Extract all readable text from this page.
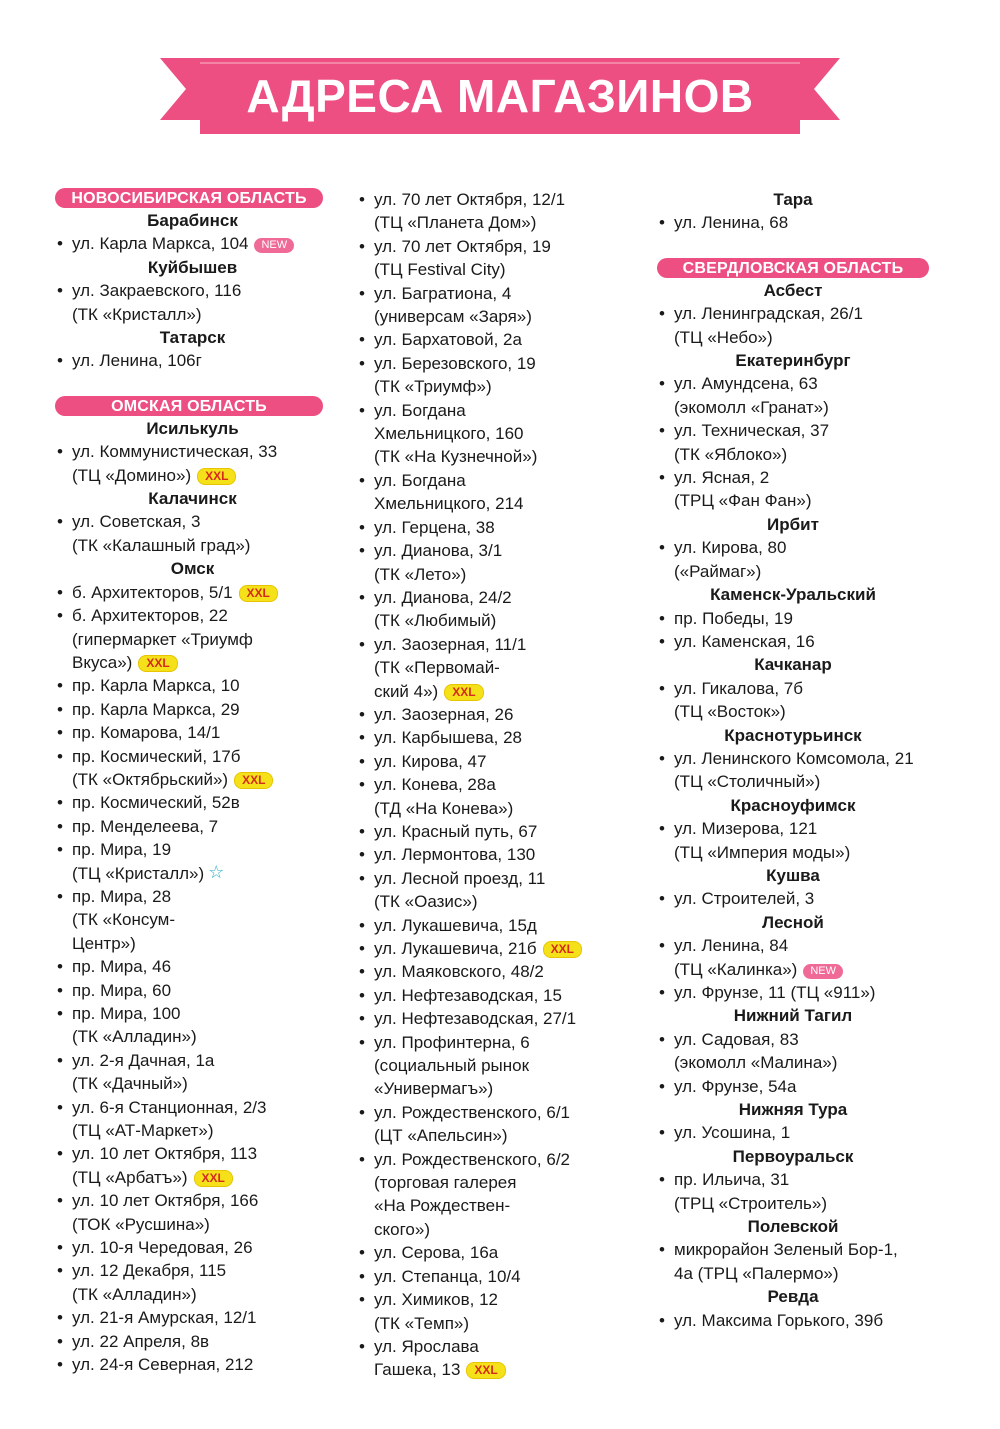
АДРЕСА МАГАЗИНОВ
НОВОСИБИРСКАЯ ОБЛАСТЬ
Барабинск
• ул. Карла Маркса, 104 NEW
Куйбышев
• ул. Закраевского, 116
(ТК «Кристалл»)
Татарск
• ул. Ленина, 106г
ОМСКАЯ ОБЛАСТЬ
Исилькуль
• ул. Коммунистическая, 33
(ТЦ «Домино») XXL
Калачинск
• ул. Советская, 3
(ТК «Калашный град»)
Омск
• б. Архитекторов, 5/1 XXL
• б. Архитекторов, 22
(гипермаркет «Триумф
Вкуса») XXL
• пр. Карла Маркса, 10
• пр. Карла Маркса, 29
• пр. Комарова, 14/1
• пр. Космический, 17б
(ТК «Октябрьский») XXL
• пр. Космический, 52в
• пр. Менделеева, 7
• пр. Мира, 19
(ТЦ «Кристалл») ☆
• пр. Мира, 28
(ТК «Консум-
Центр»)
• пр. Мира, 46
• пр. Мира, 60
• пр. Мира, 100
(ТК «Алладин»)
• ул. 2-я Дачная, 1а
(ТК «Дачный»)
• ул. 6-я Станционная, 2/3
(ТЦ «АТ-Маркет»)
• ул. 10 лет Октября, 113
(ТЦ «Арбатъ») XXL
• ул. 10 лет Октября, 166
(ТОК «Русшина»)
• ул. 10-я Чередовая, 26
• ул. 12 Декабря, 115
(ТК «Алладин»)
• ул. 21-я Амурская, 12/1
• ул. 22 Апреля, 8в
• ул. 24-я Северная, 212
• ул. 70 лет Октября, 12/1
(ТЦ «Планета Дом»)
• ул. 70 лет Октября, 19
(ТЦ Festival City)
• ул. Багратиона, 4
(универсам «Заря»)
• ул. Бархатовой, 2а
• ул. Березовского, 19
(ТК «Триумф»)
• ул. Богдана
Хмельницкого, 160
(ТК «На Кузнечной»)
• ул. Богдана
Хмельницкого, 214
• ул. Герцена, 38
• ул. Дианова, 3/1
(ТК «Лето»)
• ул. Дианова, 24/2
(ТК «Любимый)
• ул. Заозерная, 11/1
(ТК «Первомай-
ский 4») XXL
• ул. Заозерная, 26
• ул. Карбышева, 28
• ул. Кирова, 47
• ул. Конева, 28а
(ТД «На Конева»)
• ул. Красный путь, 67
• ул. Лермонтова, 130
• ул. Лесной проезд, 11
(ТК «Оазис»)
• ул. Лукашевича, 15д
• ул. Лукашевича, 21б XXL
• ул. Маяковского, 48/2
• ул. Нефтезаводская, 15
• ул. Нефтезаводская, 27/1
• ул. Профинтерна, 6
(социальный рынок
«Универмагъ»)
• ул. Рождественского, 6/1
(ЦТ «Апельсин»)
• ул. Рождественского, 6/2
(торговая галерея
«На Рождествен-
ского»)
• ул. Серова, 16а
• ул. Степанца, 10/4
• ул. Химиков, 12
(ТК «Темп»)
• ул. Ярослава
Гашека, 13 XXL
Тара
• ул. Ленина, 68
СВЕРДЛОВСКАЯ ОБЛАСТЬ
Асбест
• ул. Ленинградская, 26/1
(ТЦ «Небо»)
Екатеринбург
• ул. Амундсена, 63
(экомолл «Гранат»)
• ул. Техническая, 37
(ТК «Яблоко»)
• ул. Ясная, 2
(ТРЦ «Фан Фан»)
Ирбит
• ул. Кирова, 80
(«Раймаг»)
Каменск-Уральский
• пр. Победы, 19
• ул. Каменская, 16
Качканар
• ул. Гикалова, 7б
(ТЦ «Восток»)
Краснотурьинск
• ул. Ленинского Комсомола, 21
(ТЦ «Столичный»)
Красноуфимск
• ул. Мизерова, 121
(ТЦ «Империя моды»)
Кушва
• ул. Строителей, 3
Лесной
• ул. Ленина, 84
(ТЦ «Калинка») NEW
• ул. Фрунзе, 11 (ТЦ «911»)
Нижний Тагил
• ул. Садовая, 83
(экомолл «Малина»)
• ул. Фрунзе, 54а
Нижняя Тура
• ул. Усошина, 1
Первоуральск
• пр. Ильича, 31
(ТРЦ «Строитель»)
Полевской
• микрорайон Зеленый Бор-1,
4а (ТРЦ «Палермо»)
Ревда
• ул. Максима Горького, 39б
